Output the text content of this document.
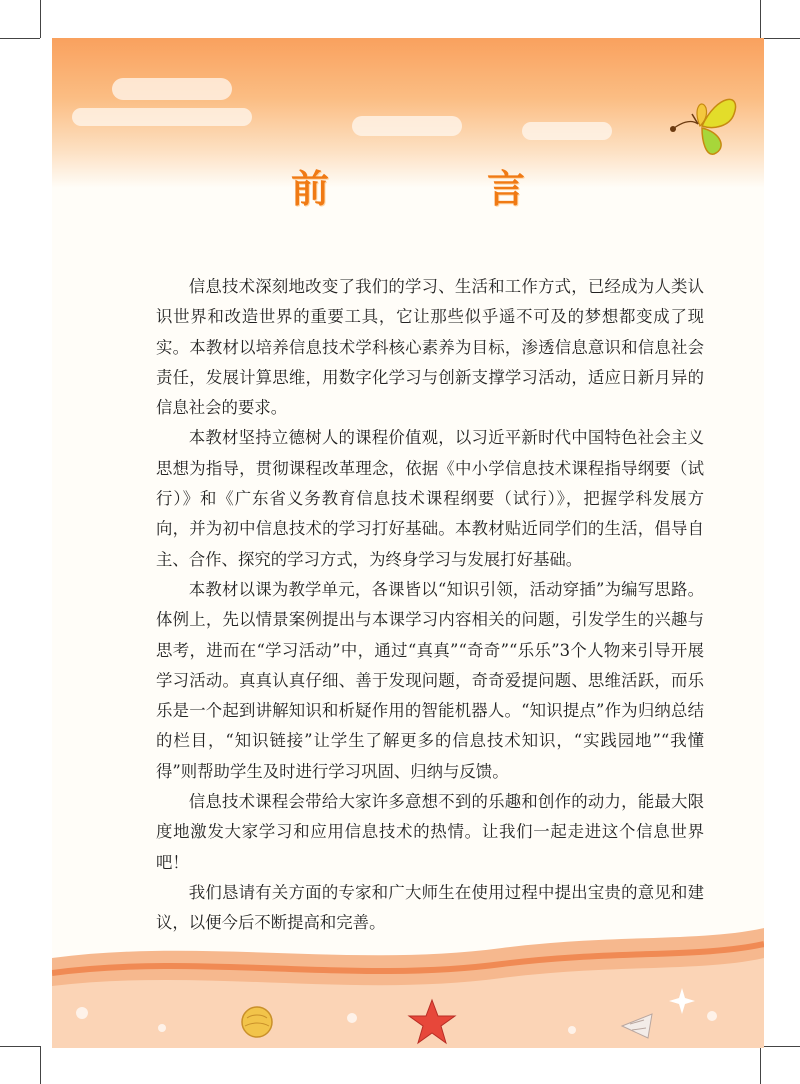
前　言

信息技术深刻地改变了我们的学习、生活和工作方式，已经成为人类认识世界和改造世界的重要工具，它让那些似乎遥不可及的梦想都变成了现实。本教材以培养信息技术学科核心素养为目标，渗透信息意识和信息社会责任，发展计算思维，用数字化学习与创新支撑学习活动，适应日新月异的信息社会的要求。

本教材坚持立德树人的课程价值观，以习近平新时代中国特色社会主义思想为指导，贯彻课程改革理念，依据《中小学信息技术课程指导纲要（试行）》和《广东省义务教育信息技术课程纲要（试行）》，把握学科发展方向，并为初中信息技术的学习打好基础。本教材贴近同学们的生活，倡导自主、合作、探究的学习方式，为终身学习与发展打好基础。

本教材以课为教学单元，各课皆以“知识引领，活动穿插”为编写思路。体例上，先以情景案例提出与本课学习内容相关的问题，引发学生的兴趣与思考，进而在“学习活动”中，通过“真真”“奇奇”“乐乐”3个人物来引导开展学习活动。真真认真仔细、善于发现问题，奇奇爱提问题、思维活跃，而乐乐是一个起到讲解知识和析疑作用的智能机器人。“知识提点”作为归纳总结的栏目，“知识链接”让学生了解更多的信息技术知识，“实践园地”“我懂得”则帮助学生及时进行学习巩固、归纳与反馈。

信息技术课程会带给大家许多意想不到的乐趣和创作的动力，能最大限度地激发大家学习和应用信息技术的热情。让我们一起走进这个信息世界吧！

我们恳请有关方面的专家和广大师生在使用过程中提出宝贵的意见和建议，以便今后不断提高和完善。
